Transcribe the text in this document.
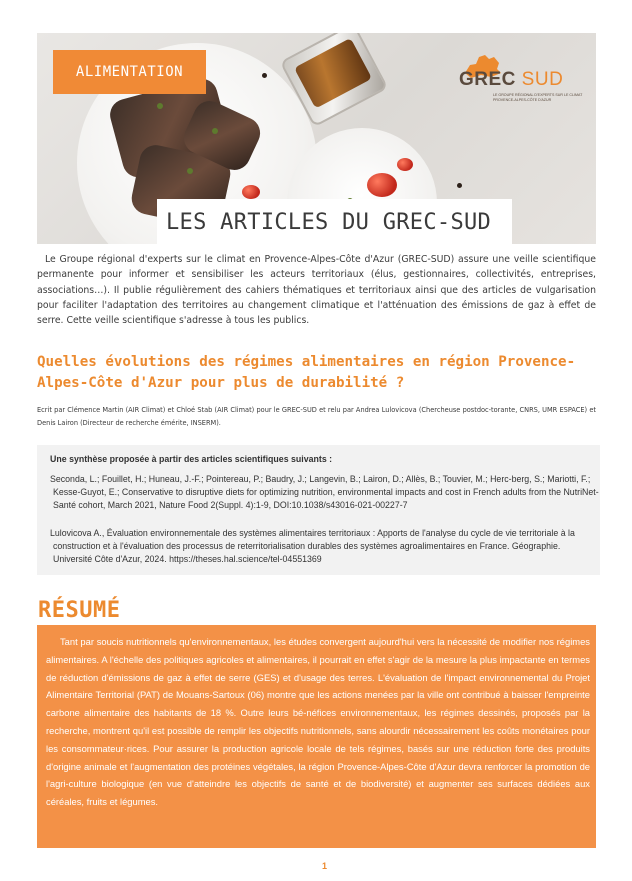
ALIMENTATION	GREC SUD
LE GROUPE RÉGIONAL D'EXPERTS SUR LE CLIMAT
PROVENCE-ALPES-CÔTE D'AZUR
LES ARTICLES DU GREC-SUD

Le Groupe régional d'experts sur le climat en Provence-Alpes-Côte d'Azur (GREC-SUD) assure une veille scientifique permanente pour informer et sensibiliser les acteurs territoriaux (élus, gestionnaires, collectivités, entreprises, associations…). Il publie régulièrement des cahiers thématiques et territoriaux ainsi que des articles de vulgarisation pour faciliter l'adaptation des territoires au changement climatique et l'atténuation des émissions de gaz à effet de serre. Cette veille scientifique s'adresse à tous les publics.

Quelles évolutions des régimes alimentaires en région Provence-Alpes-Côte d'Azur pour plus de durabilité ?

Ecrit par Clémence Martin (AIR Climat) et Chloé Stab (AIR Climat) pour le GREC-SUD et relu par Andrea Lulovicova (Chercheuse postdoc-torante, CNRS, UMR ESPACE) et Denis Lairon (Directeur de recherche émérite, INSERM).

Une synthèse proposée à partir des articles scientifiques suivants :

Seconda, L.; Fouillet, H.; Huneau, J.-F.; Pointereau, P.; Baudry, J.; Langevin, B.; Lairon, D.; Allès, B.; Touvier, M.; Herc-berg, S.; Mariotti, F.; Kesse-Guyot, E.; Conservative to disruptive diets for optimizing nutrition, environmental impacts and cost in French adults from the NutriNet-Santé cohort, March 2021, Nature Food 2(Suppl. 4):1-9, DOI:10.1038/s43016-021-00227-7

Lulovicova A., Évaluation environnementale des systèmes alimentaires territoriaux : Apports de l'analyse du cycle de vie territoriale à la construction et à l'évaluation des processus de reterritorialisation durables des systèmes agroalimentaires en France. Géographie. Université Côte d'Azur, 2024. https://theses.hal.science/tel-04551369

RÉSUMÉ

Tant par soucis nutritionnels qu'environnementaux, les études convergent aujourd'hui vers la nécessité de modifier nos régimes alimentaires. A l'échelle des politiques agricoles et alimentaires, il pourrait en effet s'agir de la mesure la plus impactante en termes de réduction d'émissions de gaz à effet de serre (GES) et d'usage des terres. L'évaluation de l'impact environnemental du Projet Alimentaire Territorial (PAT) de Mouans-Sartoux (06) montre que les actions menées par la ville ont contribué à baisser l'empreinte carbone alimentaire des habitants de 18 %. Outre leurs bé-néfices environnementaux, les régimes dessinés, proposés par la recherche, montrent qu'il est possible de remplir les objectifs nutritionnels, sans alourdir nécessairement les coûts monétaires pour les consommateur·rices. Pour assurer la production agricole locale de tels régimes, basés sur une réduction forte des produits d'origine animale et l'augmentation des protéines végétales, la région Provence-Alpes-Côte d'Azur devra renforcer la promotion de l'agri-culture biologique (en vue d'atteindre les objectifs de santé et de biodiversité) et augmenter ses surfaces dédiées aux céréales, fruits et légumes.

1
